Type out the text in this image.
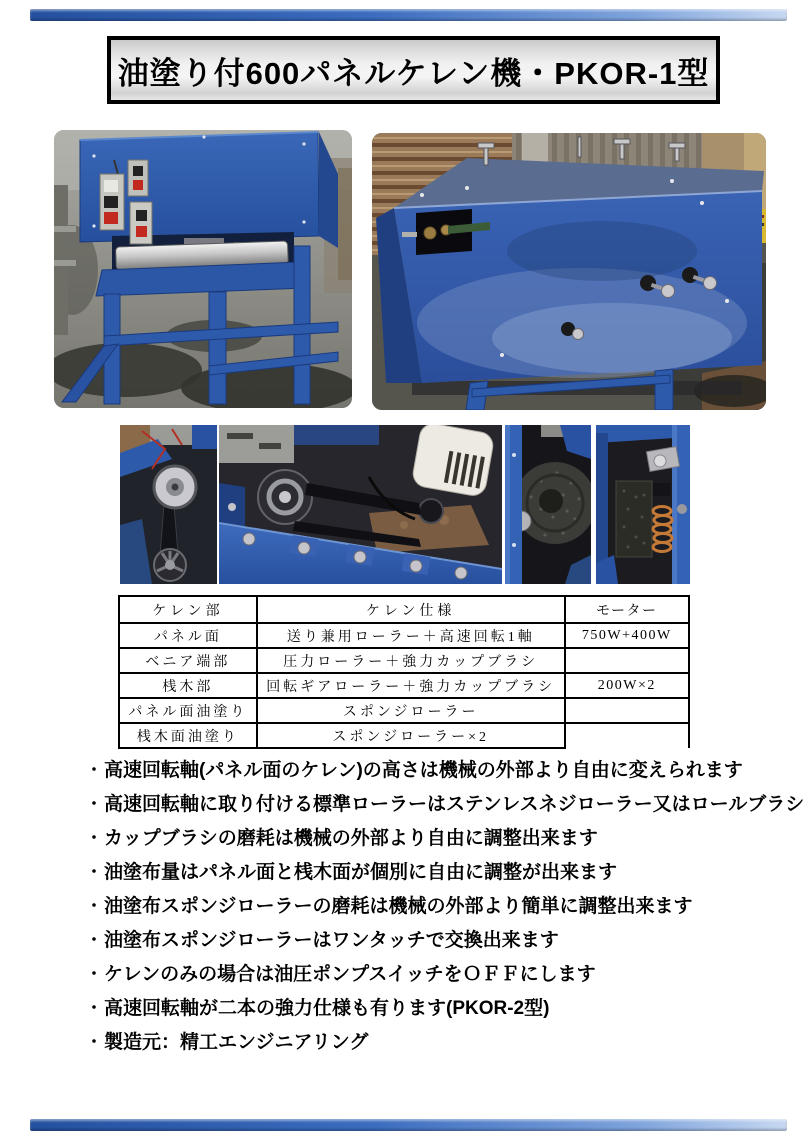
油塗り付600パネルケレン機・PKOR-1型
ケレン部	ケレン仕様	モーター
パネル面	送り兼用ローラー＋高速回転1軸	750W+400W
ベニア端部	圧力ローラー＋強力カップブラシ	
桟木部	回転ギアローラー＋強力カップブラシ	200W×2
パネル面油塗り	スポンジローラー	
桟木面油塗り	スポンジローラー×2	
・ 高速回転軸(パネル面のケレン)の高さは機械の外部より自由に変えられます
・ 高速回転軸に取り付ける標準ローラーはステンレスネジローラー又はロールブラシ
・ カップブラシの磨耗は機械の外部より自由に調整出来ます
・ 油塗布量はパネル面と桟木面が個別に自由に調整が出来ます
・ 油塗布スポンジローラーの磨耗は機械の外部より簡単に調整出来ます
・ 油塗布スポンジローラーはワンタッチで交換出来ます
・ ケレンのみの場合は油圧ポンプスイッチをＯＦＦにします
・ 高速回転軸が二本の強力仕様も有ります(PKOR-2型)
・ 製造元：精工エンジニアリング
